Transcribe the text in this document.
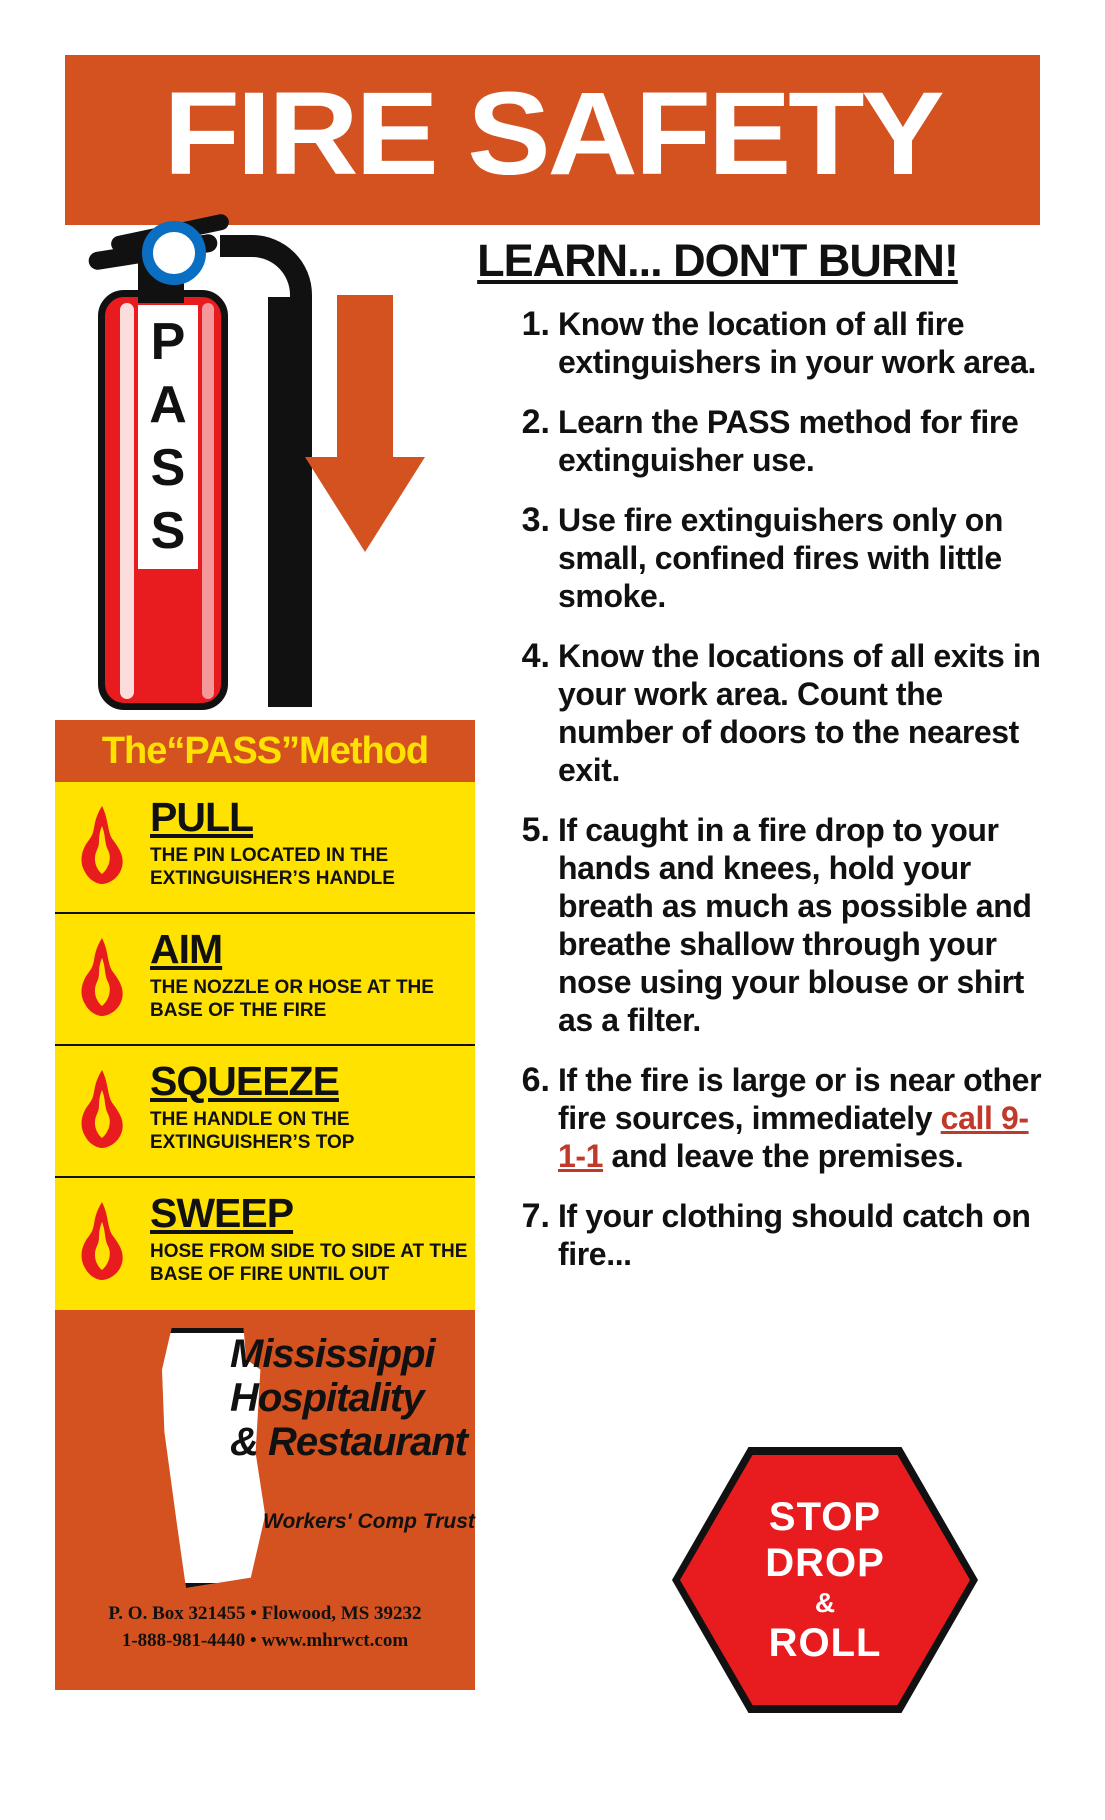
FIRE SAFETY
LEARN... DON'T BURN!
P
A
S
S
The“PASS”Method
PULL
THE PIN LOCATED IN THE EXTINGUISHER’S HANDLE
AIM
THE NOZZLE OR HOSE AT THE BASE OF THE FIRE
SQUEEZE
THE HANDLE ON THE EXTINGUISHER’S TOP
SWEEP
HOSE FROM SIDE TO SIDE AT THE BASE OF FIRE UNTIL OUT
Mississippi
Hospitality
& Restaurant
Workers' Comp Trust
P. O. Box 321455 • Flowood, MS 39232
1-888-981-4440 • www.mhrwct.com
1. Know the location of all fire extinguishers in your work area.
2. Learn the PASS method for fire extinguisher use.
3. Use fire extinguishers only on small, confined fires with little smoke.
4. Know the locations of all exits in your work area. Count the number of doors to the nearest exit.
5. If caught in a fire drop to your hands and knees, hold your breath as much as possible and breathe shallow through your nose using your blouse or shirt as a filter.
6. If the fire is large or is near other fire sources, immediately call 9-1-1 and leave the premises.
7. If your clothing should catch on fire...
STOP
DROP
&
ROLL
